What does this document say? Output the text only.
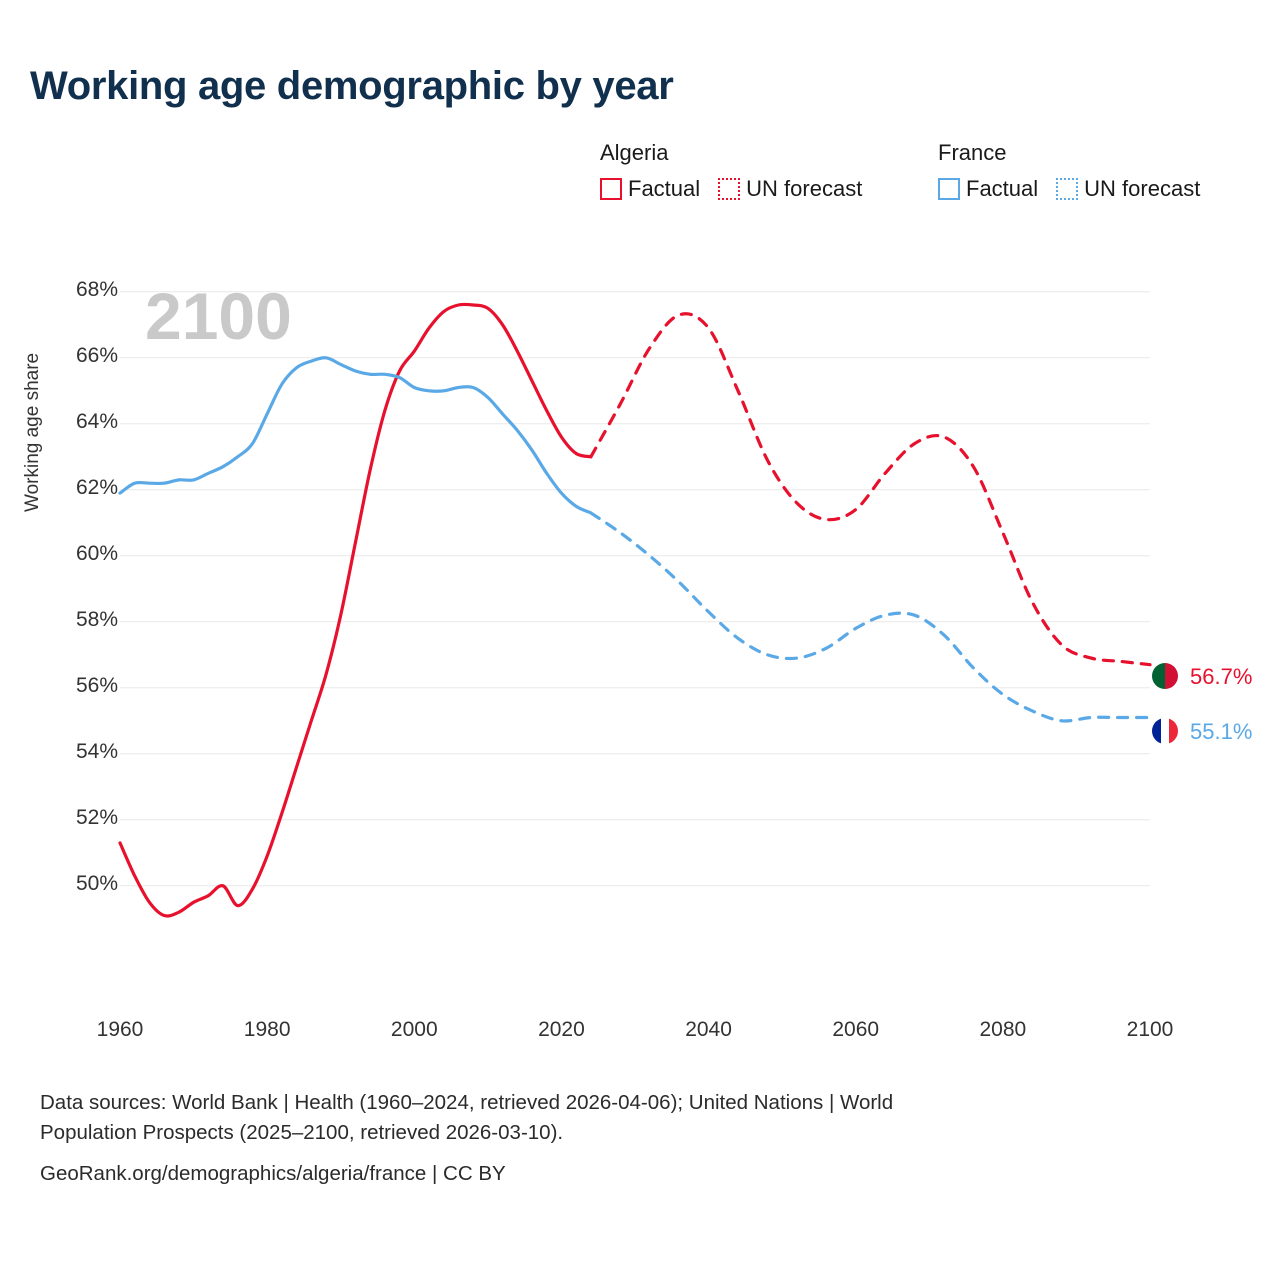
Working age demographic by year
Algeria
Factual UN forecast
France
Factual UN forecast
2100
Working age share
50%
52%
54%
56%
58%
60%
62%
64%
66%
68%
1960	1980	2000	2020	2040	2060	2080	2100
56.7%
55.1%
Data sources: World Bank | Health (1960–2024, retrieved 2026-04-06); United Nations | World
Population Prospects (2025–2100, retrieved 2026-03-10).
GeoRank.org/demographics/algeria/france | CC BY
